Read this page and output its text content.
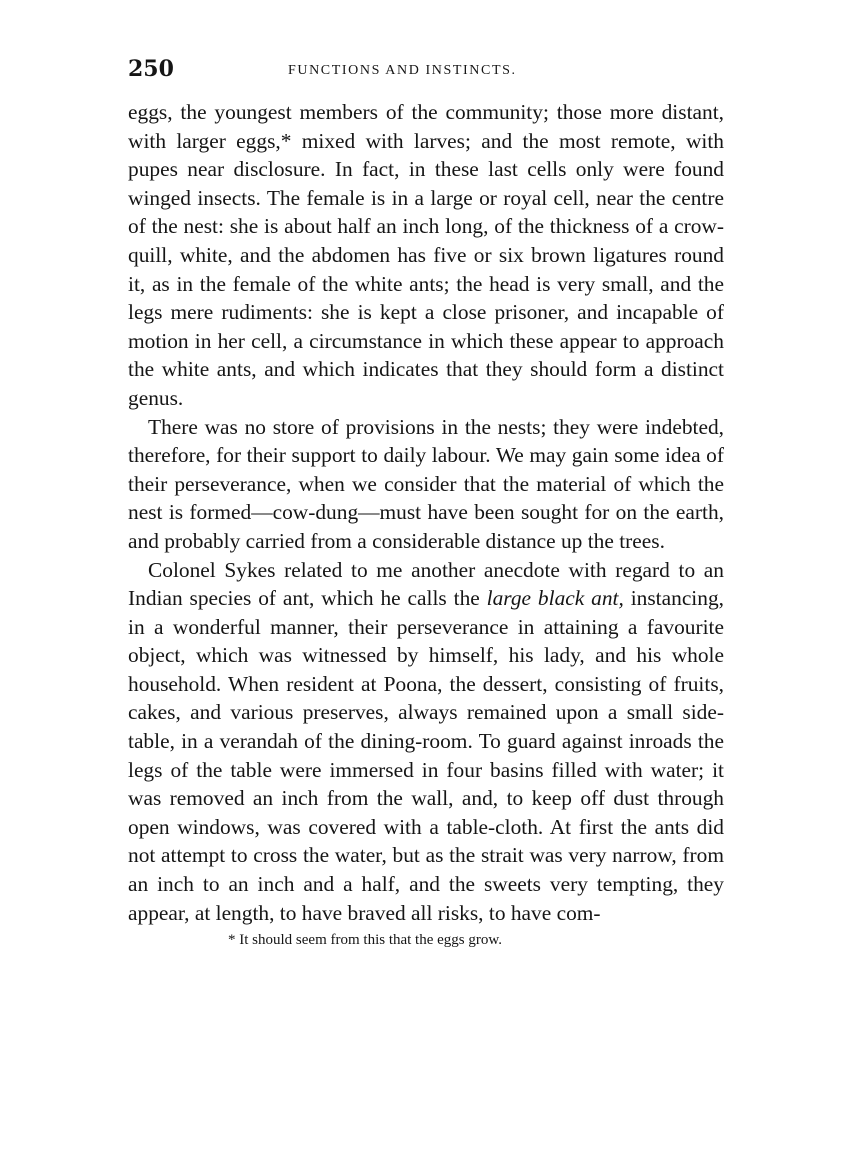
250	FUNCTIONS AND INSTINCTS.

eggs, the youngest members of the community; those more distant, with larger eggs,* mixed with larves; and the most remote, with pupes near disclosure. In fact, in these last cells only were found winged insects. The female is in a large or royal cell, near the centre of the nest: she is about half an inch long, of the thickness of a crow-quill, white, and the abdomen has five or six brown ligatures round it, as in the female of the white ants; the head is very small, and the legs mere rudiments: she is kept a close prisoner, and incapable of motion in her cell, a circumstance in which these appear to approach the white ants, and which indicates that they should form a distinct genus.

There was no store of provisions in the nests; they were indebted, therefore, for their support to daily labour. We may gain some idea of their perseverance, when we consider that the material of which the nest is formed—cow-dung—must have been sought for on the earth, and probably carried from a considerable distance up the trees.

Colonel Sykes related to me another anecdote with regard to an Indian species of ant, which he calls the large black ant, instancing, in a wonderful manner, their perseverance in attaining a favourite object, which was witnessed by himself, his lady, and his whole household. When resident at Poona, the dessert, consisting of fruits, cakes, and various preserves, always remained upon a small side-table, in a verandah of the dining-room. To guard against inroads the legs of the table were immersed in four basins filled with water; it was removed an inch from the wall, and, to keep off dust through open windows, was covered with a table-cloth. At first the ants did not attempt to cross the water, but as the strait was very narrow, from an inch to an inch and a half, and the sweets very tempting, they appear, at length, to have braved all risks, to have com-

* It should seem from this that the eggs grow.
